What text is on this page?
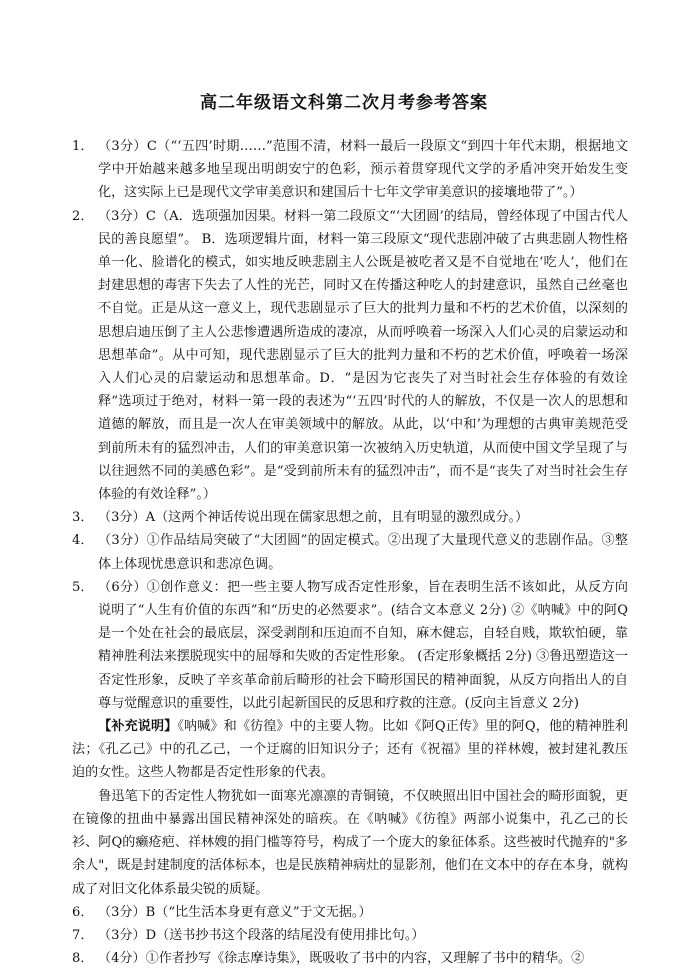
高二年级语文科第二次月考参考答案
1． （3分）C（“‘五四’时期……”范围不清，材料一最后一段原文“到四十年代末期，根据地文学中开始越来越多地呈现出明朗安宁的色彩，预示着贯穿现代文学的矛盾冲突开始发生变化，这实际上已是现代文学审美意识和建国后十七年文学审美意识的接壤地带了”。）
2． （3分）C（A．选项强加因果。材料一第二段原文“‘大团圆’的结局，曾经体现了中国古代人民的善良愿望”。 B．选项逻辑片面，材料一第三段原文“现代悲剧冲破了古典悲剧人物性格单一化、脸谱化的模式，如实地反映悲剧主人公既是被吃者又是不自觉地在‘吃人’，他们在封建思想的毒害下失去了人性的光芒，同时又在传播这种吃人的封建意识，虽然自己丝毫也不自觉。正是从这一意义上，现代悲剧显示了巨大的批判力量和不朽的艺术价值，以深刻的思想启迪压倒了主人公悲惨遭遇所造成的凄凉，从而呼唤着一场深入人们心灵的启蒙运动和思想革命”。从中可知，现代悲剧显示了巨大的批判力量和不朽的艺术价值，呼唤着一场深入人们心灵的启蒙运动和思想革命。D．“是因为它丧失了对当时社会生存体验的有效诠释”选项过于绝对，材料一第一段的表述为“‘五四’时代的人的解放，不仅是一次人的思想和道德的解放，而且是一次人在审美领域中的解放。从此，以‘中和’为理想的古典审美规范受到前所未有的猛烈冲击，人们的审美意识第一次被纳入历史轨道，从而使中国文学呈现了与以往迥然不同的美感色彩”。是“受到前所未有的猛烈冲击”，而不是“丧失了对当时社会生存体验的有效诠释”。）
3． （3分）A（这两个神话传说出现在儒家思想之前，且有明显的激烈成分。）
4． （3分）①作品结局突破了“大团圆”的固定模式。②出现了大量现代意义的悲剧作品。③整体上体现忧患意识和悲凉色调。
5． （6分）①创作意义：把一些主要人物写成否定性形象，旨在表明生活不该如此，从反方向说明了“人生有价值的东西”和“历史的必然要求”。(结合文本意义 2分) ②《呐喊》中的阿Q是一个处在社会的最底层，深受剥削和压迫而不自知，麻木健忘，自轻自贱，欺软怕硬，靠精神胜利法来摆脱现实中的屈辱和失败的否定性形象。 (否定形象概括 2分) ③鲁迅塑造这一否定性形象，反映了辛亥革命前后畸形的社会下畸形国民的精神面貌，从反方向指出人的自尊与觉醒意识的重要性，以此引起新国民的反思和疗救的注意。(反向主旨意义 2分)

【补充说明】《呐喊》和《彷徨》中的主要人物。比如《阿Q正传》里的阿Q，他的精神胜利法；《孔乙己》中的孔乙己，一个迂腐的旧知识分子；还有《祝福》里的祥林嫂，被封建礼教压迫的女性。这些人物都是否定性形象的代表。

鲁迅笔下的否定性人物犹如一面寒光凛凛的青铜镜，不仅映照出旧中国社会的畸形面貌，更在镜像的扭曲中暴露出国民精神深处的暗疾。在《呐喊》《彷徨》两部小说集中，孔乙己的长衫、阿Q的癞疮疤、祥林嫂的捐门槛等符号，构成了一个庞大的象征体系。这些被时代抛弃的"多余人"，既是封建制度的活体标本，也是民族精神病灶的显影剂，他们在文本中的存在本身，就构成了对旧文化体系最尖锐的质疑。

6． （3分）B（“比生活本身更有意义”于文无据。）
7． （3分）D（送书抄书这个段落的结尾没有使用排比句。）
8． （4分）①作者抄写《徐志摩诗集》，既吸收了书中的内容，又理解了书中的精华。②
